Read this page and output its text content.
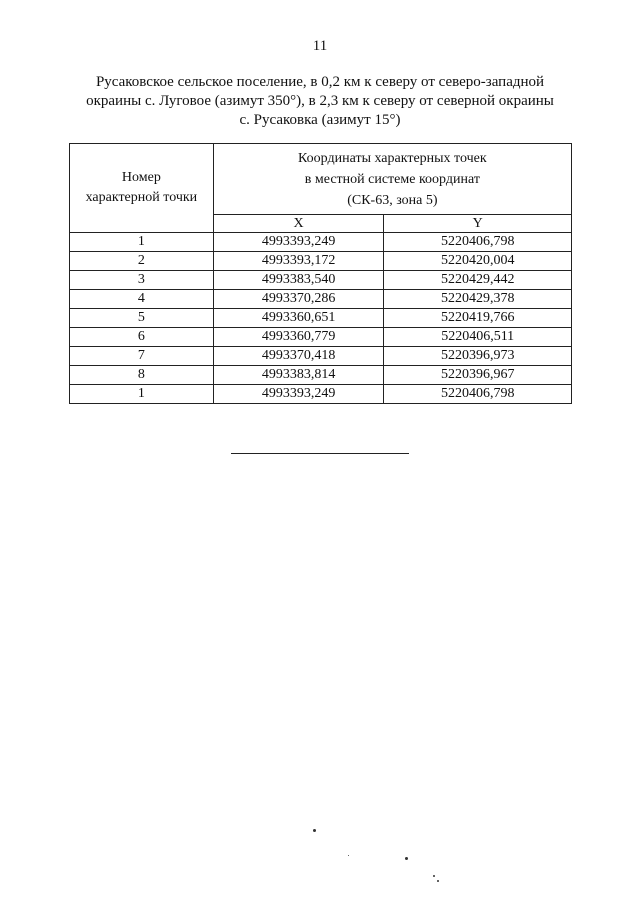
11
Русаковское сельское поселение, в 0,2 км к северу от северо-западной
окраины с. Луговое (азимут 350°), в 2,3 км к северу от северной окраины
с. Русаковка (азимут 15°)
Номер
характерной точки	Координаты характерных точек
в местной системе координат
(СК-63, зона 5)	

	X	Y
1	4993393,249	5220406,798
2	4993393,172	5220420,004
3	4993383,540	5220429,442
4	4993370,286	5220429,378
5	4993360,651	5220419,766
6	4993360,779	5220406,511
7	4993370,418	5220396,973
8	4993383,814	5220396,967
1	4993393,249	5220406,798
